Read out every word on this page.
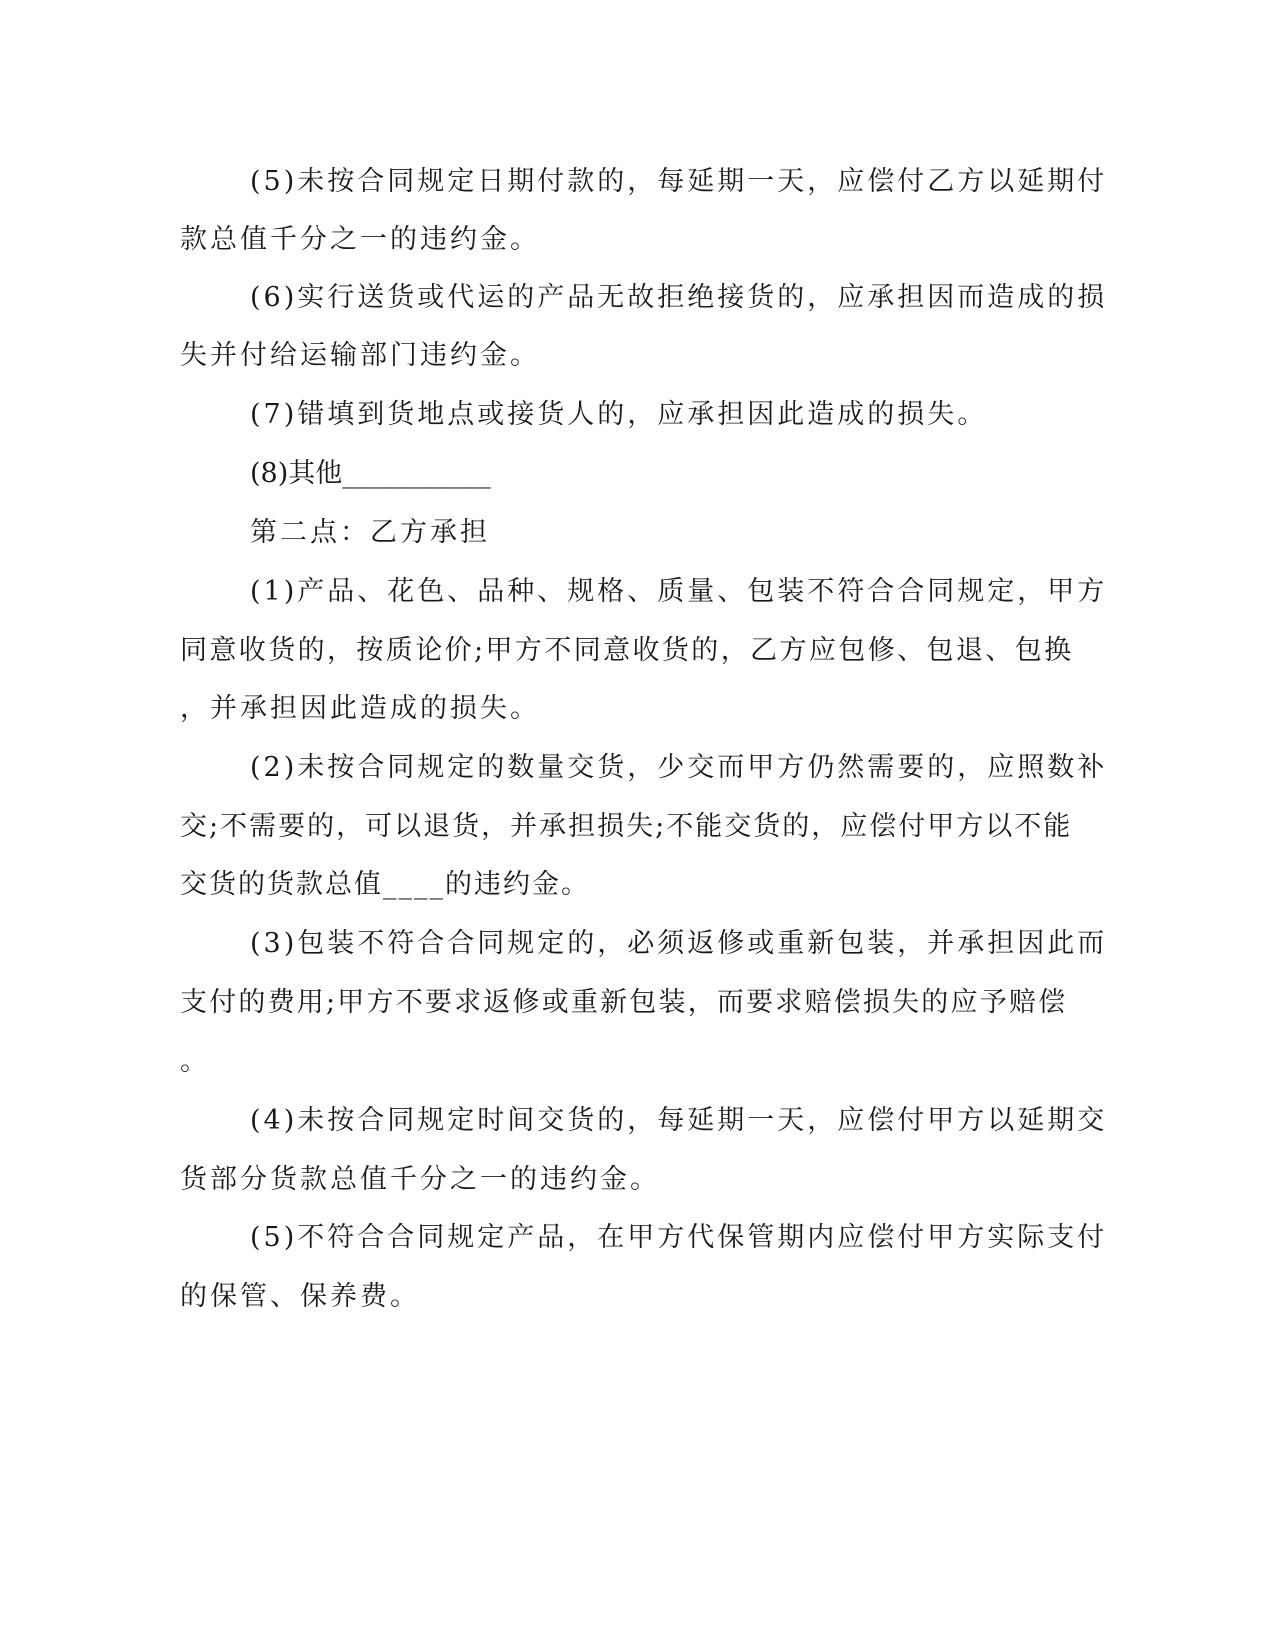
(5)未按合同规定日期付款的，每延期一天，应偿付乙方以延期付
款总值千分之一的违约金。
(6)实行送货或代运的产品无故拒绝接货的，应承担因而造成的损
失并付给运输部门违约金。
(7)错填到货地点或接货人的，应承担因此造成的损失。
(8)其他___________
第二点：乙方承担
(1)产品、花色、品种、规格、质量、包装不符合合同规定，甲方
同意收货的，按质论价;甲方不同意收货的，乙方应包修、包退、包换
，并承担因此造成的损失。
(2)未按合同规定的数量交货，少交而甲方仍然需要的，应照数补
交;不需要的，可以退货，并承担损失;不能交货的，应偿付甲方以不能
交货的货款总值____的违约金。
(3)包装不符合合同规定的，必须返修或重新包装，并承担因此而
支付的费用;甲方不要求返修或重新包装，而要求赔偿损失的应予赔偿
。
(4)未按合同规定时间交货的，每延期一天，应偿付甲方以延期交
货部分货款总值千分之一的违约金。
(5)不符合合同规定产品，在甲方代保管期内应偿付甲方实际支付
的保管、保养费。
